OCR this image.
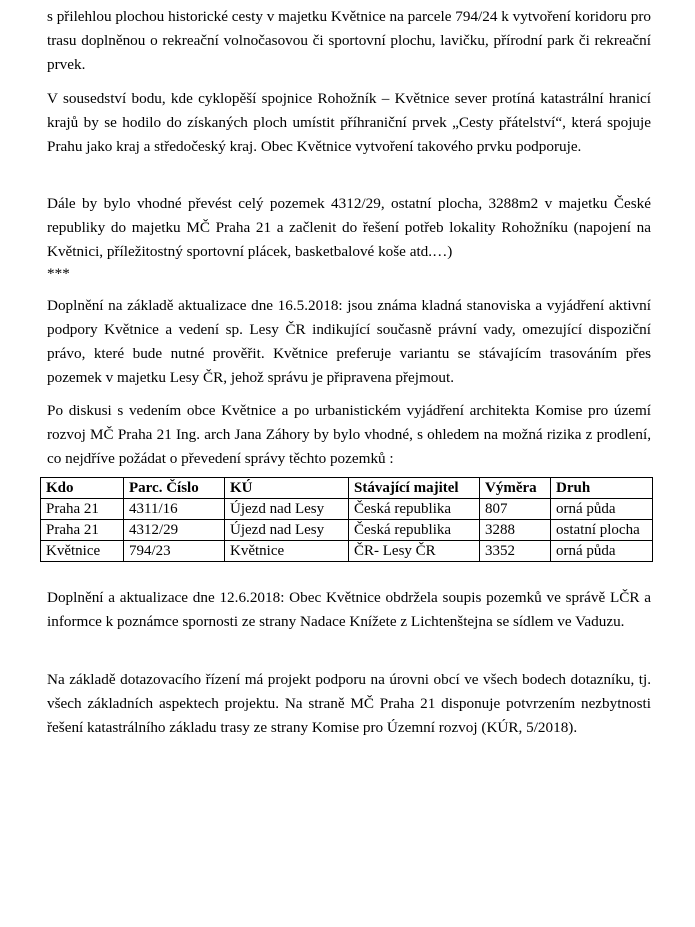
s přilehlou plochou historické cesty v majetku Květnice na parcele 794/24 k vytvoření koridoru pro trasu doplněnou o rekreační volnočasovou či sportovní plochu, lavičku, přírodní park či rekreační prvek.

V sousedství bodu, kde cyklopěší spojnice Rohožník – Květnice sever protíná katastrální hranicí krajů by se hodilo do získaných ploch umístit příhraniční prvek „Cesty přátelství“, která spojuje Prahu jako kraj a středočeský kraj. Obec Květnice vytvoření takového prvku podporuje.

Dále by bylo vhodné převést celý pozemek 4312/29, ostatní plocha, 3288m2 v majetku České republiky do majetku MČ Praha 21 a začlenit do řešení potřeb lokality Rohožníku (napojení na Květnici, příležitostný sportovní plácek, basketbalové koše atd.…)

***

Doplnění na základě aktualizace dne 16.5.2018: jsou známa kladná stanoviska a vyjádření aktivní podpory Květnice a vedení sp. Lesy ČR indikující současně právní vady, omezující dispoziční právo, které bude nutné prověřit. Květnice preferuje variantu se stávajícím trasováním přes pozemek v majetku Lesy ČR, jehož správu je připravena přejmout.

Po diskusi s vedením obce Květnice a po urbanistickém vyjádření architekta Komise pro území rozvoj MČ Praha 21 Ing. arch Jana Záhory by bylo vhodné, s ohledem na možná rizika z prodlení, co nejdříve požádat o převedení správy těchto pozemků :

Kdo	Parc. Číslo	KÚ	Stávající majitel	Výměra	Druh
Praha 21	4311/16	Újezd nad Lesy	Česká republika	807	orná půda
Praha 21	4312/29	Újezd nad Lesy	Česká republika	3288	ostatní plocha
Květnice	794/23	Květnice	ČR- Lesy ČR	3352	orná půda

Doplnění a aktualizace dne 12.6.2018: Obec Květnice obdržela soupis pozemků ve správě LČR a informce k poznámce spornosti ze strany Nadace Knížete z Lichtenštejna se sídlem ve Vaduzu.

Na základě dotazovacího řízení má projekt podporu na úrovni obcí ve všech bodech dotazníku, tj. všech základních aspektech projektu. Na straně MČ Praha 21 disponuje potvrzením nezbytnosti řešení katastrálního základu trasy ze strany Komise pro Územní rozvoj (KÚR, 5/2018).
